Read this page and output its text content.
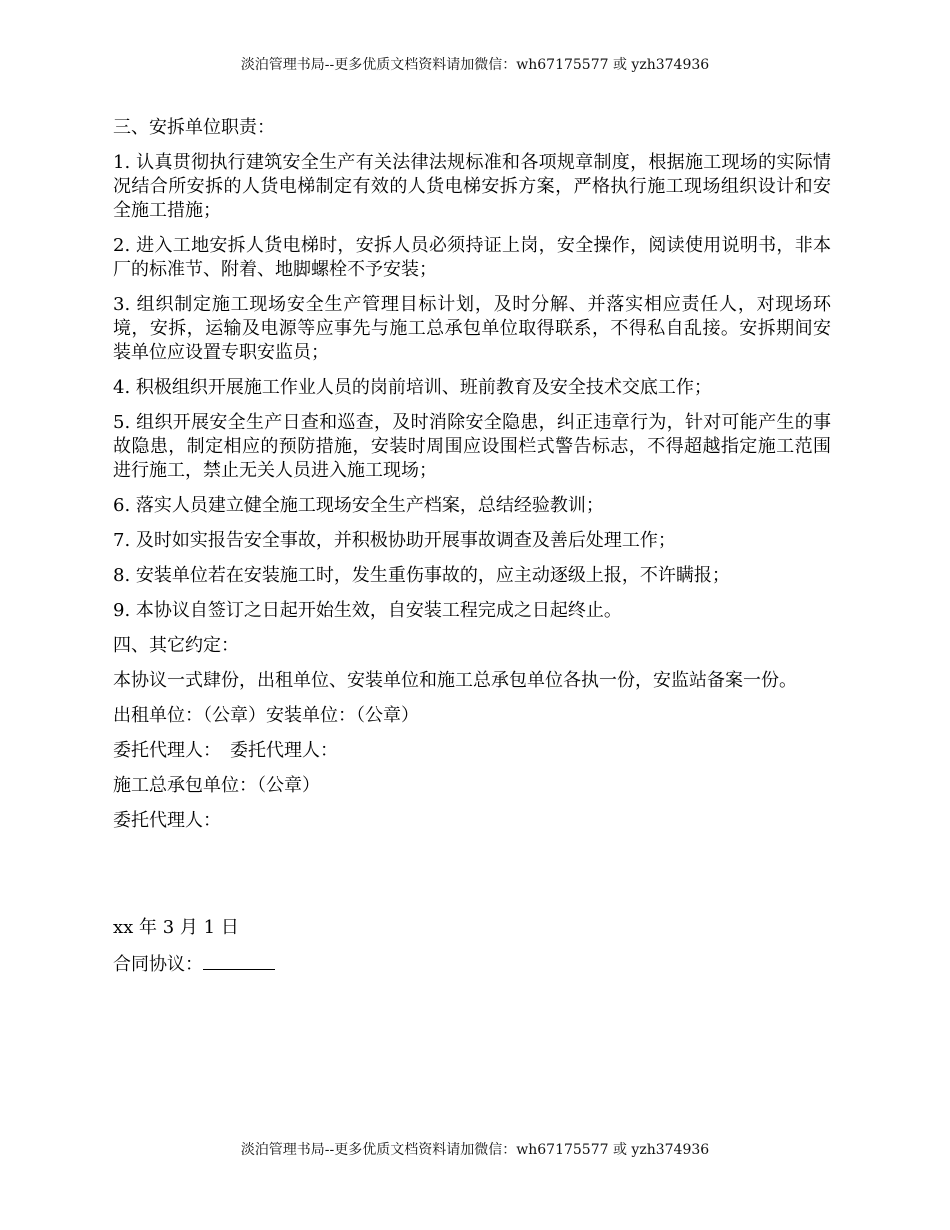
淡泊管理书局--更多优质文档资料请加微信：wh67175577 或 yzh374936

三、安拆单位职责：

1. 认真贯彻执行建筑安全生产有关法律法规标准和各项规章制度，根据施工现场的实际情况结合所安拆的人货电梯制定有效的人货电梯安拆方案，严格执行施工现场组织设计和安全施工措施；

2. 进入工地安拆人货电梯时，安拆人员必须持证上岗，安全操作，阅读使用说明书，非本厂的标准节、附着、地脚螺栓不予安装；

3. 组织制定施工现场安全生产管理目标计划，及时分解、并落实相应责任人，对现场环境，安拆，运输及电源等应事先与施工总承包单位取得联系，不得私自乱接。安拆期间安装单位应设置专职安监员；

4. 积极组织开展施工作业人员的岗前培训、班前教育及安全技术交底工作；

5. 组织开展安全生产日查和巡查，及时消除安全隐患，纠正违章行为，针对可能产生的事故隐患，制定相应的预防措施，安装时周围应设围栏式警告标志，不得超越指定施工范围进行施工，禁止无关人员进入施工现场；

6. 落实人员建立健全施工现场安全生产档案，总结经验教训；

7. 及时如实报告安全事故，并积极协助开展事故调查及善后处理工作；

8. 安装单位若在安装施工时，发生重伤事故的，应主动逐级上报，不许瞒报；

9. 本协议自签订之日起开始生效，自安装工程完成之日起终止。

四、其它约定：

本协议一式肆份，出租单位、安装单位和施工总承包单位各执一份，安监站备案一份。

出租单位：（公章）安装单位：（公章）

委托代理人：　委托代理人：

施工总承包单位：（公章）

委托代理人：

xx 年 3 月 1 日

合同协议：

淡泊管理书局--更多优质文档资料请加微信：wh67175577 或 yzh374936
